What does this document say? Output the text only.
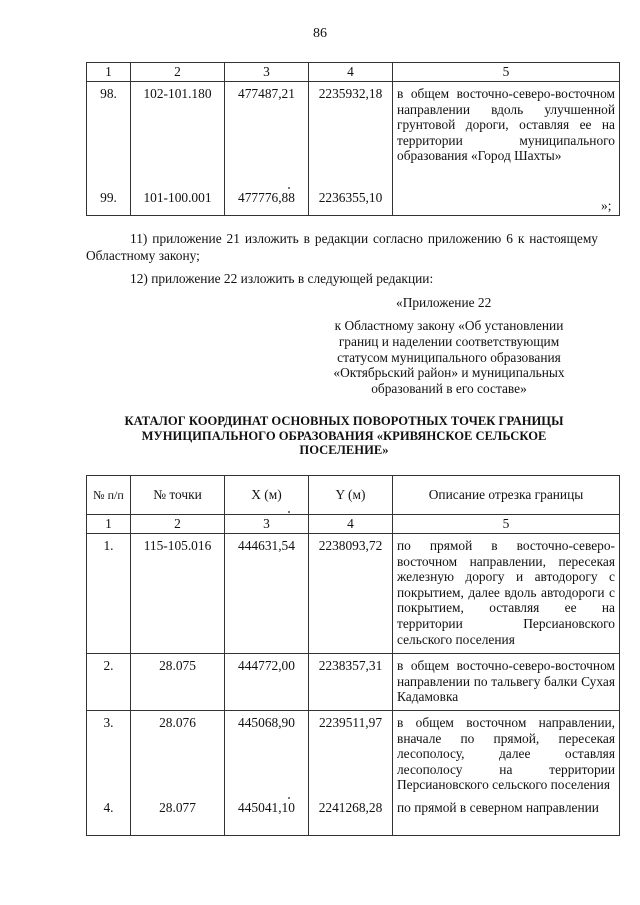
86
1	2	3	4	5
98.	102-101.180	477487,21	2235932,18	в общем восточно-северо-восточном направлении вдоль улучшенной грунтовой дороги, оставляя ее на территории муниципального образования «Город Шахты»
99.	101-100.001	477776,88	2236355,10	
»;
11) приложение 21 изложить в редакции согласно приложению 6 к настоящему Областному закону;
12) приложение 22 изложить в следующей редакции:
«Приложение 22
к Областному закону «Об установлении границ и наделении соответствующим статусом муниципального образования «Октябрьский район» и муниципальных образований в его составе»
КАТАЛОГ КООРДИНАТ ОСНОВНЫХ ПОВОРОТНЫХ ТОЧЕК ГРАНИЦЫ МУНИЦИПАЛЬНОГО ОБРАЗОВАНИЯ «КРИВЯНСКОЕ СЕЛЬСКОЕ ПОСЕЛЕНИЕ»
№ п/п	№ точки	X (м)	Y (м)	Описание отрезка границы
1	2	3	4	5
1.	115-105.016	444631,54	2238093,72	по прямой в восточно-северо-восточном направлении, пересекая железную дорогу и автодорогу с покрытием, далее вдоль автодороги с покрытием, оставляя ее на территории Персиановского сельского поселения
2.	28.075	444772,00	2238357,31	в общем восточно-северо-восточном направлении по тальвегу балки Сухая Кадамовка
3.	28.076	445068,90	2239511,97	в общем восточном направлении, вначале по прямой, пересекая лесополосу, далее оставляя лесополосу на территории Персиановского сельского поселения
4.	28.077	445041,10	2241268,28	по прямой в северном направлении
